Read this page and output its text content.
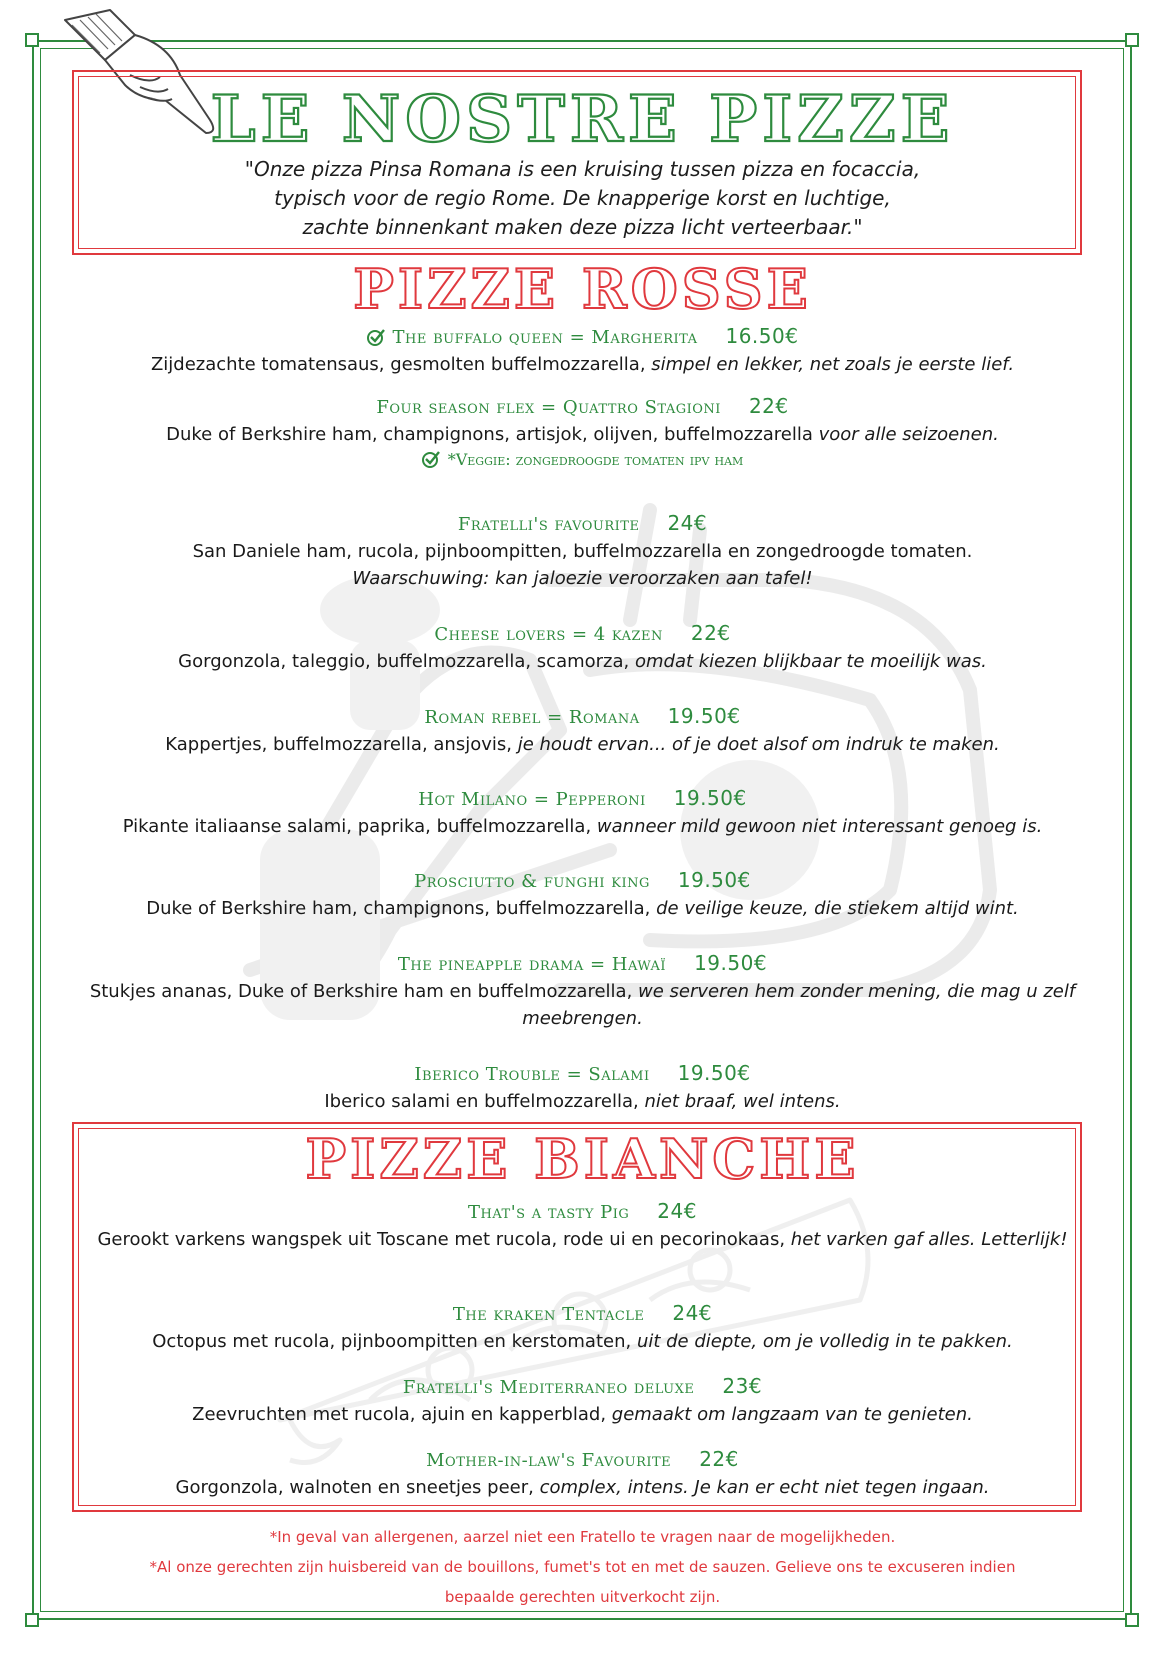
LE NOSTRE PIZZE
"Onze pizza Pinsa Romana is een kruising tussen pizza en focaccia,
typisch voor de regio Rome. De knapperige korst en luchtige,
zachte binnenkant maken deze pizza licht verteerbaar."
PIZZE ROSSE
The buffalo queen = Margherita 16.50€
Zijdezachte tomatensaus, gesmolten buffelmozzarella, simpel en lekker, net zoals je eerste lief.
Four season flex = Quattro Stagioni 22€
Duke of Berkshire ham, champignons, artisjok, olijven, buffelmozzarella voor alle seizoenen.
*Veggie: zongedroogde tomaten ipv ham
Fratelli's favourite 24€
San Daniele ham, rucola, pijnboompitten, buffelmozzarella en zongedroogde tomaten.
Waarschuwing: kan jaloezie veroorzaken aan tafel!
Cheese lovers = 4 kazen 22€
Gorgonzola, taleggio, buffelmozzarella, scamorza, omdat kiezen blijkbaar te moeilijk was.
Roman rebel = Romana 19.50€
Kappertjes, buffelmozzarella, ansjovis, je houdt ervan... of je doet alsof om indruk te maken.
Hot Milano = Pepperoni 19.50€
Pikante italiaanse salami, paprika, buffelmozzarella, wanneer mild gewoon niet interessant genoeg is.
Prosciutto & funghi king 19.50€
Duke of Berkshire ham, champignons, buffelmozzarella, de veilige keuze, die stiekem altijd wint.
The pineapple drama = Hawaï 19.50€
Stukjes ananas, Duke of Berkshire ham en buffelmozzarella, we serveren hem zonder mening, die mag u zelf meebrengen.
Iberico Trouble = Salami 19.50€
Iberico salami en buffelmozzarella, niet braaf, wel intens.
PIZZE BIANCHE
That's a tasty Pig 24€
Gerookt varkens wangspek uit Toscane met rucola, rode ui en pecorinokaas, het varken gaf alles. Letterlijk!
The kraken Tentacle 24€
Octopus met rucola, pijnboompitten en kerstomaten, uit de diepte, om je volledig in te pakken.
Fratelli's Mediterraneo deluxe 23€
Zeevruchten met rucola, ajuin en kapperblad, gemaakt om langzaam van te genieten.
Mother-in-law's Favourite 22€
Gorgonzola, walnoten en sneetjes peer, complex, intens. Je kan er echt niet tegen ingaan.
*In geval van allergenen, aarzel niet een Fratello te vragen naar de mogelijkheden.
*Al onze gerechten zijn huisbereid van de bouillons, fumet's tot en met de sauzen. Gelieve ons te excuseren indien
bepaalde gerechten uitverkocht zijn.
